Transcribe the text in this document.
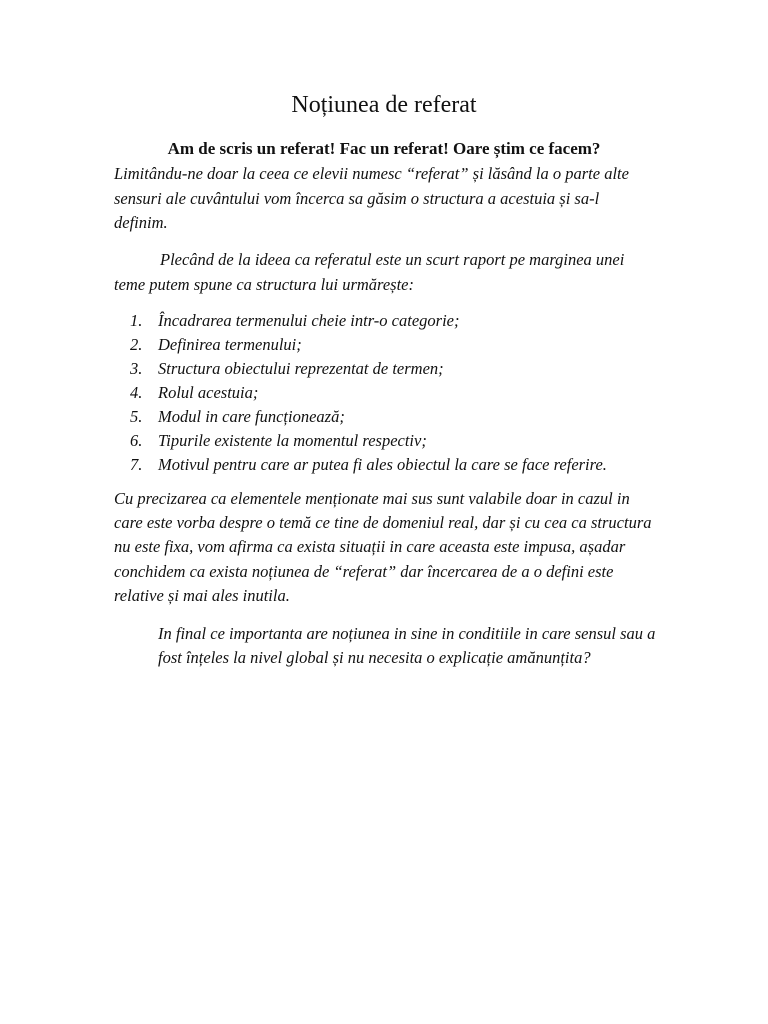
Noțiunea de referat

Am de scris un referat! Fac un referat! Oare știm ce facem?

Limitându-ne doar la ceea ce elevii numesc “referat” și lăsând la o parte alte sensuri ale cuvântului vom încerca sa găsim o structura a acestuia și sa-l definim.

Plecând de la ideea ca referatul este un scurt raport pe marginea unei teme putem spune ca structura lui urmărește:

1. Încadrarea termenului cheie intr-o categorie;
2. Definirea termenului;
3. Structura obiectului reprezentat de termen;
4. Rolul acestuia;
5. Modul in care funcționează;
6. Tipurile existente la momentul respectiv;
7. Motivul pentru care ar putea fi ales obiectul la care se face referire.

Cu precizarea ca elementele menționate mai sus sunt valabile doar in cazul in care este vorba despre o temă ce tine de domeniul real, dar și cu cea ca structura nu este fixa, vom afirma ca exista situații in care aceasta este impusa, așadar conchidem ca exista noțiunea de “referat” dar încercarea de a o defini este relative și mai ales inutila.

In final ce importanta are noțiunea in sine in conditiile in care sensul sau a fost înțeles la nivel global și nu necesita o explicație amănunțita?
